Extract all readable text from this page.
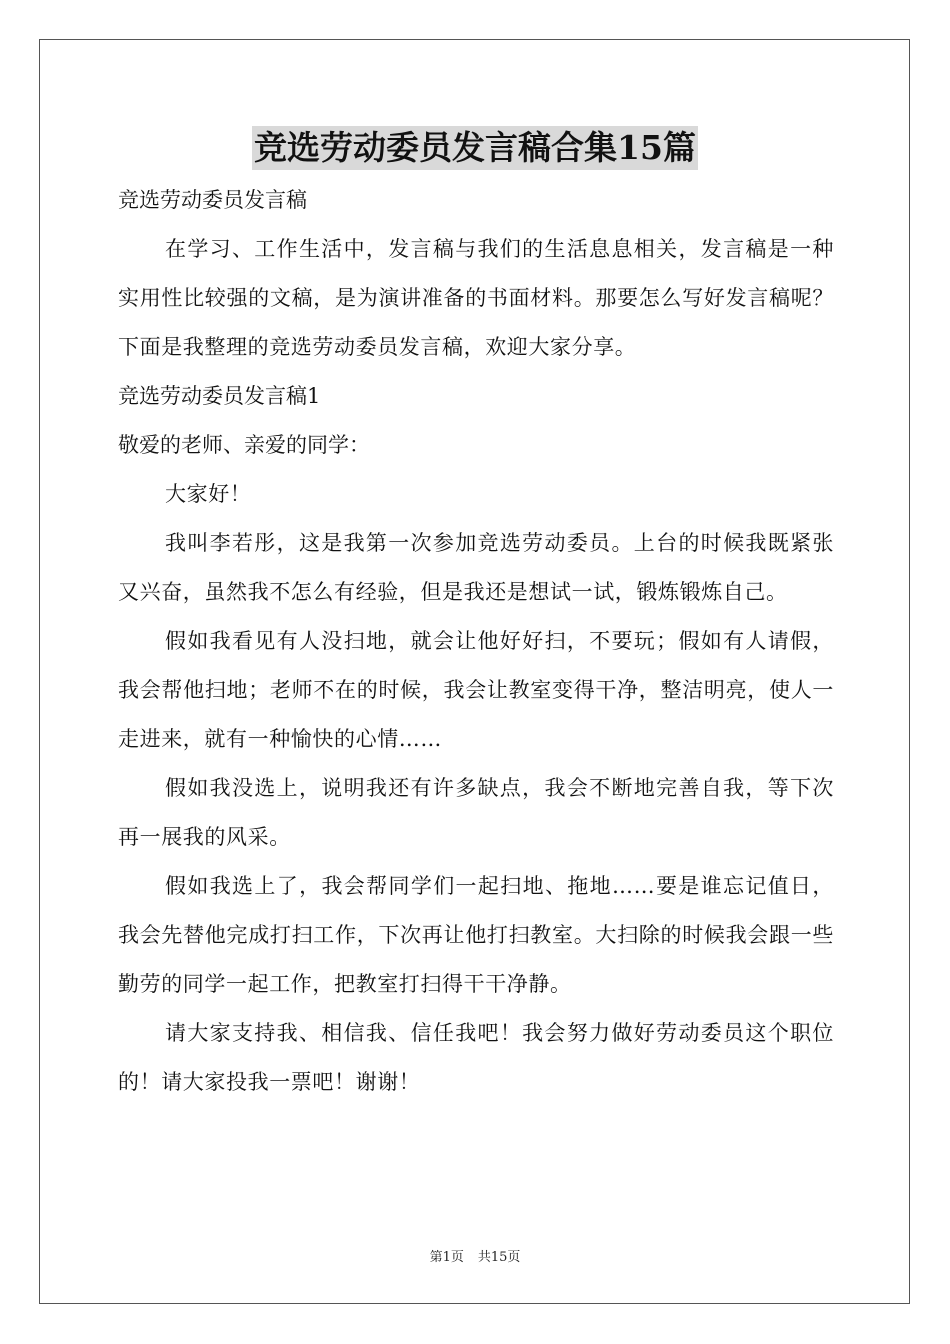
竞选劳动委员发言稿合集15篇
竞选劳动委员发言稿
在学习、工作生活中，发言稿与我们的生活息息相关，发言稿是一种实用性比较强的文稿，是为演讲准备的书面材料。那要怎么写好发言稿呢？下面是我整理的竞选劳动委员发言稿，欢迎大家分享。
竞选劳动委员发言稿1
敬爱的老师、亲爱的同学：
大家好！
我叫李若彤，这是我第一次参加竞选劳动委员。上台的时候我既紧张又兴奋，虽然我不怎么有经验，但是我还是想试一试，锻炼锻炼自己。
假如我看见有人没扫地，就会让他好好扫，不要玩；假如有人请假，我会帮他扫地；老师不在的时候，我会让教室变得干净，整洁明亮，使人一走进来，就有一种愉快的心情……
假如我没选上，说明我还有许多缺点，我会不断地完善自我，等下次再一展我的风采。
假如我选上了，我会帮同学们一起扫地、拖地……要是谁忘记值日，我会先替他完成打扫工作，下次再让他打扫教室。大扫除的时候我会跟一些勤劳的同学一起工作，把教室打扫得干干净静。
请大家支持我、相信我、信任我吧！我会努力做好劳动委员这个职位的！请大家投我一票吧！谢谢！
第1页 共15页
